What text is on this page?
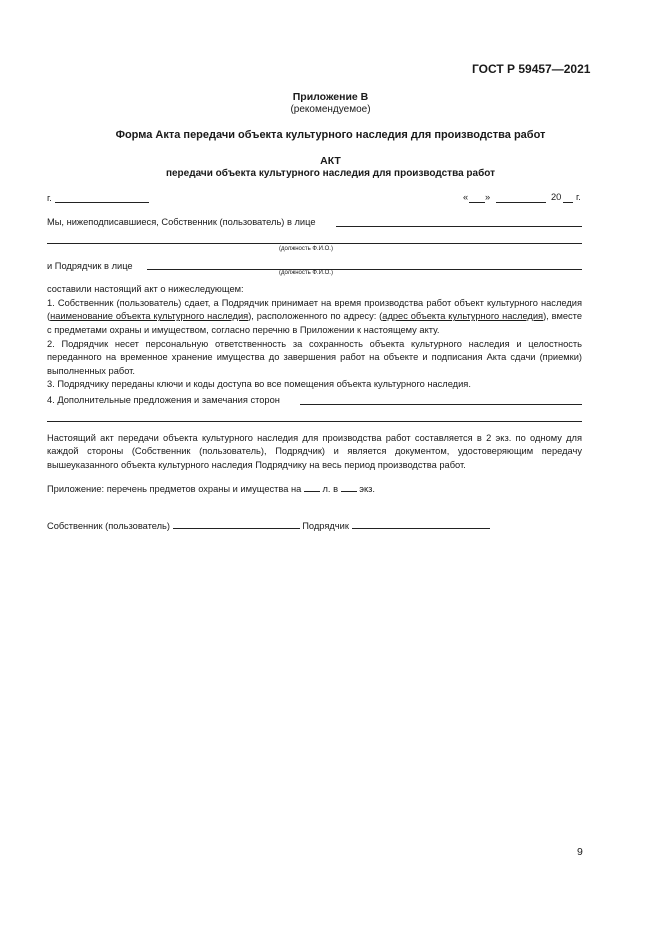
ГОСТ Р 59457—2021
Приложение В
(рекомендуемое)
Форма Акта передачи объекта культурного наследия для производства работ
АКТ
передачи объекта культурного наследия для производства работ
г.	« »	20 г.
Мы, нижеподписавшиеся, Собственник (пользователь) в лице
(должность Ф.И.О.)
и Подрядчик в лице
(должность Ф.И.О.)
составили настоящий акт о нижеследующем:
1. Собственник (пользователь) сдает, а Подрядчик принимает на время производства работ объект культурного наследия (наименование объекта культурного наследия), расположенного по адресу: (адрес объекта культурного наследия), вместе с предметами охраны и имуществом, согласно перечню в Приложении к настоящему акту.
2. Подрядчик несет персональную ответственность за сохранность объекта культурного наследия и целостность переданного на временное хранение имущества до завершения работ на объекте и подписания Акта сдачи (приемки) выполненных работ.
3. Подрядчику переданы ключи и коды доступа во все помещения объекта культурного наследия.
4. Дополнительные предложения и замечания сторон
Настоящий акт передачи объекта культурного наследия для производства работ составляется в 2 экз. по одному для каждой стороны (Собственник (пользователь), Подрядчик) и является документом, удостоверяющим передачу вышеуказанного объекта культурного наследия Подрядчику на весь период производства работ.
Приложение: перечень предметов охраны и имущества на л. в экз.
Собственник (пользователь)	Подрядчик
9
